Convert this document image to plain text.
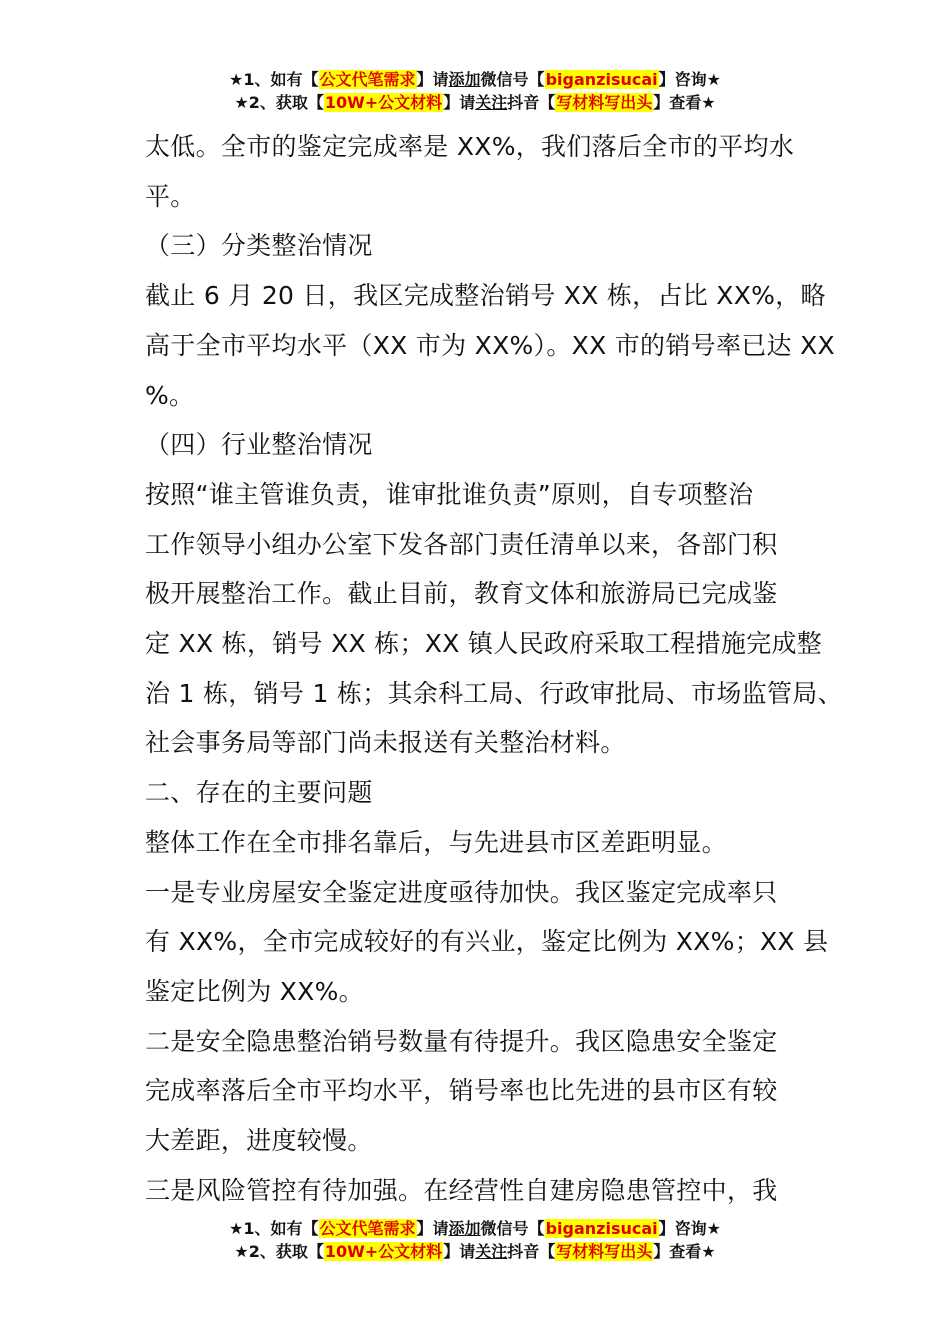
★1、如有【公文代笔需求】请添加微信号【biganzisucai】咨询★
★2、获取【10W+公文材料】请关注抖音【写材料写出头】查看★
太低。全市的鉴定完成率是 XX%，我们落后全市的平均水
平。
（三）分类整治情况
截止 6 月 20 日，我区完成整治销号 XX 栋，占比 XX%，略
高于全市平均水平（XX 市为 XX%）。XX 市的销号率已达 XX
%。
（四）行业整治情况
按照“谁主管谁负责，谁审批谁负责”原则，自专项整治
工作领导小组办公室下发各部门责任清单以来，各部门积
极开展整治工作。截止目前，教育文体和旅游局已完成鉴
定 XX 栋，销号 XX 栋；XX 镇人民政府采取工程措施完成整
治 1 栋，销号 1 栋；其余科工局、行政审批局、市场监管局、
社会事务局等部门尚未报送有关整治材料。
二、存在的主要问题
整体工作在全市排名靠后，与先进县市区差距明显。
一是专业房屋安全鉴定进度亟待加快。我区鉴定完成率只
有 XX%，全市完成较好的有兴业，鉴定比例为 XX%；XX 县
鉴定比例为 XX%。
二是安全隐患整治销号数量有待提升。我区隐患安全鉴定
完成率落后全市平均水平，销号率也比先进的县市区有较
大差距，进度较慢。
三是风险管控有待加强。在经营性自建房隐患管控中，我
★1、如有【公文代笔需求】请添加微信号【biganzisucai】咨询★
★2、获取【10W+公文材料】请关注抖音【写材料写出头】查看★
